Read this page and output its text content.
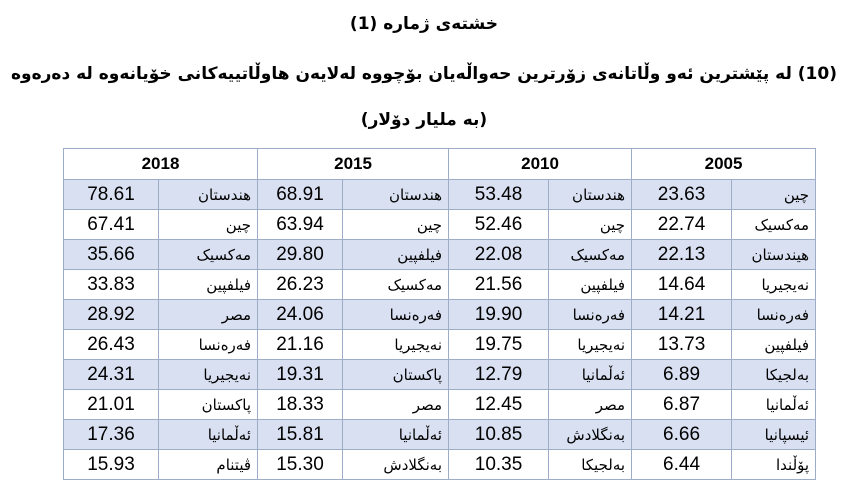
خشتەی ژمارە (1)
(10) لە پێشترین ئەو وڵاتانەی زۆرترین حەواڵەیان بۆچووە لەلایەن هاوڵاتییەکانی خۆیانەوە لە دەرەوە
(بە ملیار دۆلار)
2018		2015		2010		2005	
78.61	هندستان	68.91	هندستان	53.48	هندستان	23.63	چین
67.41	چین	63.94	چین	52.46	چین	22.74	مەکسیک
35.66	مەکسیک	29.80	فیلفپین	22.08	مەکسیک	22.13	هیندستان
33.83	فیلفپین	26.23	مەکسیک	21.56	فیلفپین	14.64	نەیجیریا
28.92	مصر	24.06	فەرەنسا	19.90	فەرەنسا	14.21	فەرەنسا
26.43	فەرەنسا	21.16	نەیجیریا	19.75	نەیجیریا	13.73	فیلفپین
24.31	نەیجیریا	19.31	پاکستان	12.79	ئەڵمانیا	6.89	بەلجیکا
21.01	پاکستان	18.33	مصر	12.45	مصر	6.87	ئەڵمانیا
17.36	ئەڵمانیا	15.81	ئەڵمانیا	10.85	بەنگلادش	6.66	ئیسپانیا
15.93	ڤیتنام	15.30	بەنگلادش	10.35	بەلجیکا	6.44	پۆڵندا
